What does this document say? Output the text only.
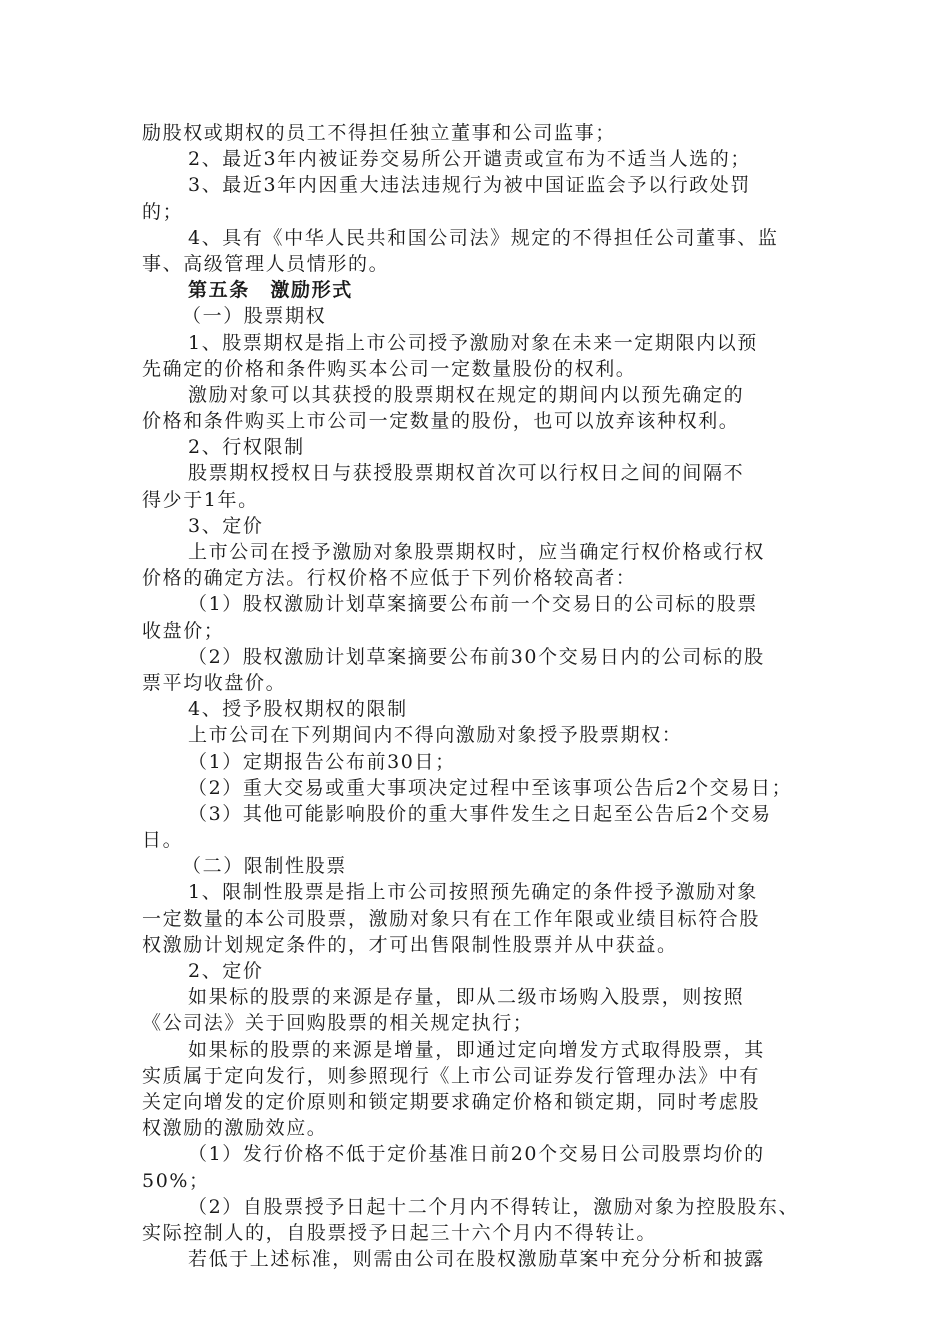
励股权或期权的员工不得担任独立董事和公司监事；
2、最近3年内被证券交易所公开谴责或宣布为不适当人选的；
3、最近3年内因重大违法违规行为被中国证监会予以行政处罚
的；
4、具有《中华人民共和国公司法》规定的不得担任公司董事、监
事、高级管理人员情形的。
第五条　激励形式
（一）股票期权
1、股票期权是指上市公司授予激励对象在未来一定期限内以预
先确定的价格和条件购买本公司一定数量股份的权利。
激励对象可以其获授的股票期权在规定的期间内以预先确定的
价格和条件购买上市公司一定数量的股份，也可以放弃该种权利。
2、行权限制
股票期权授权日与获授股票期权首次可以行权日之间的间隔不
得少于1年。
3、定价
上市公司在授予激励对象股票期权时，应当确定行权价格或行权
价格的确定方法。行权价格不应低于下列价格较高者：
（1）股权激励计划草案摘要公布前一个交易日的公司标的股票
收盘价；
（2）股权激励计划草案摘要公布前30个交易日内的公司标的股
票平均收盘价。
4、授予股权期权的限制
上市公司在下列期间内不得向激励对象授予股票期权：
（1）定期报告公布前30日；
（2）重大交易或重大事项决定过程中至该事项公告后2个交易日；
（3）其他可能影响股价的重大事件发生之日起至公告后2个交易
日。
（二）限制性股票
1、限制性股票是指上市公司按照预先确定的条件授予激励对象
一定数量的本公司股票，激励对象只有在工作年限或业绩目标符合股
权激励计划规定条件的，才可出售限制性股票并从中获益。
2、定价
如果标的股票的来源是存量，即从二级市场购入股票，则按照
《公司法》关于回购股票的相关规定执行；
如果标的股票的来源是增量，即通过定向增发方式取得股票，其
实质属于定向发行，则参照现行《上市公司证券发行管理办法》中有
关定向增发的定价原则和锁定期要求确定价格和锁定期，同时考虑股
权激励的激励效应。
（1）发行价格不低于定价基准日前20个交易日公司股票均价的
50%；
（2）自股票授予日起十二个月内不得转让，激励对象为控股股东、
实际控制人的，自股票授予日起三十六个月内不得转让。
若低于上述标准，则需由公司在股权激励草案中充分分析和披露
